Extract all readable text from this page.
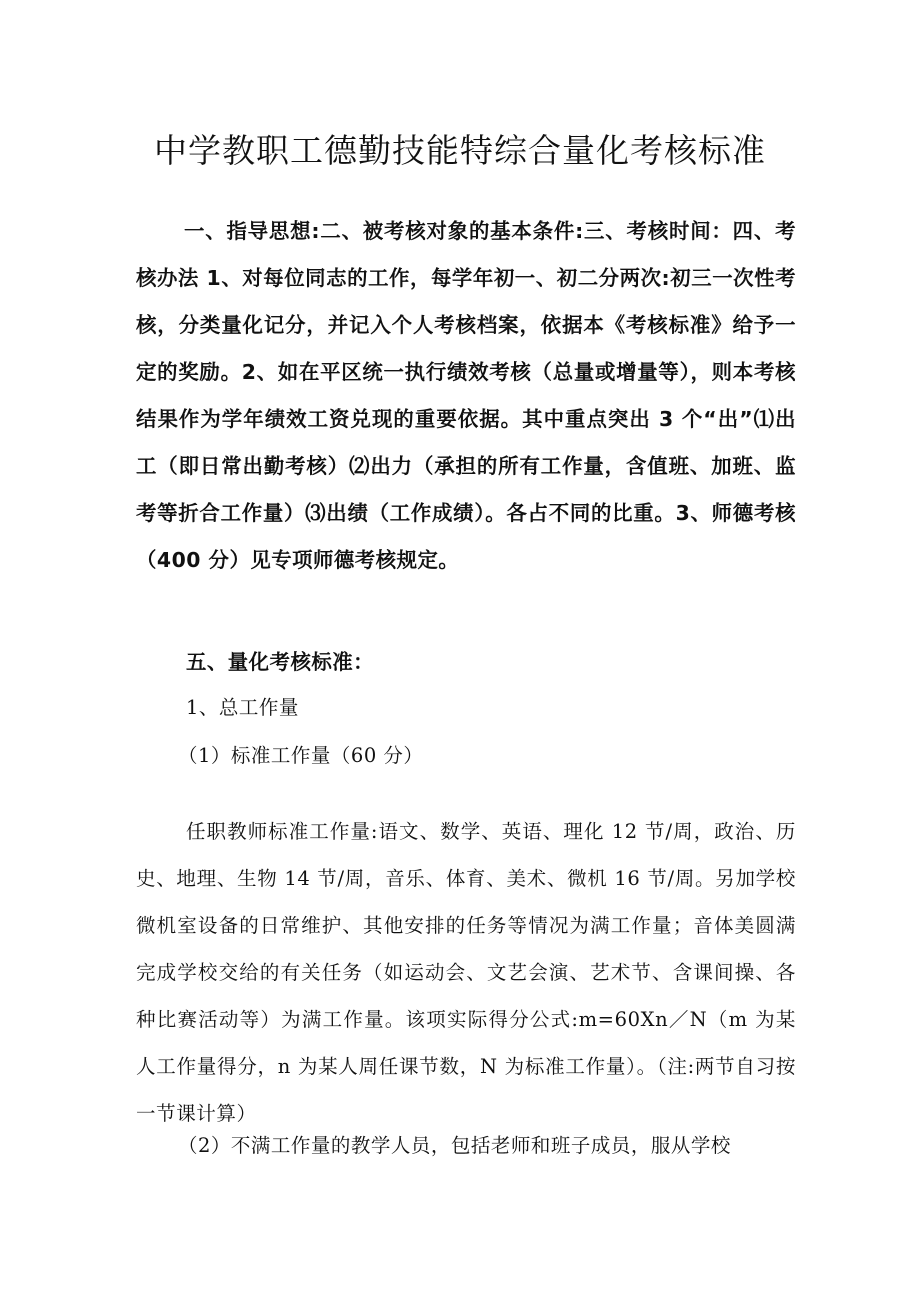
中学教职工德勤技能特综合量化考核标准

一、指导思想:二、被考核对象的基本条件:三、考核时间：四、考核办法 1、对每位同志的工作，每学年初一、初二分两次:初三一次性考核，分类量化记分，并记入个人考核档案，依据本《考核标准》给予一定的奖励。2、如在平区统一执行绩效考核（总量或增量等），则本考核结果作为学年绩效工资兑现的重要依据。其中重点突出 3 个“出”⑴出工（即日常出勤考核）⑵出力（承担的所有工作量，含值班、加班、监考等折合工作量）⑶出绩（工作成绩）。各占不同的比重。3、师德考核（400 分）见专项师德考核规定。

五、量化考核标准：

1、总工作量

（1）标准工作量（60 分）

任职教师标准工作量:语文、数学、英语、理化 12 节/周，政治、历史、地理、生物 14 节/周，音乐、体育、美术、微机 16 节/周。另加学校微机室设备的日常维护、其他安排的任务等情况为满工作量；音体美圆满完成学校交给的有关任务（如运动会、文艺会演、艺术节、含课间操、各种比赛活动等）为满工作量。该项实际得分公式:m=60Xn／N（m 为某人工作量得分，n 为某人周任课节数，N 为标准工作量）。（注:两节自习按一节课计算）

（2）不满工作量的教学人员，包括老师和班子成员，服从学校
